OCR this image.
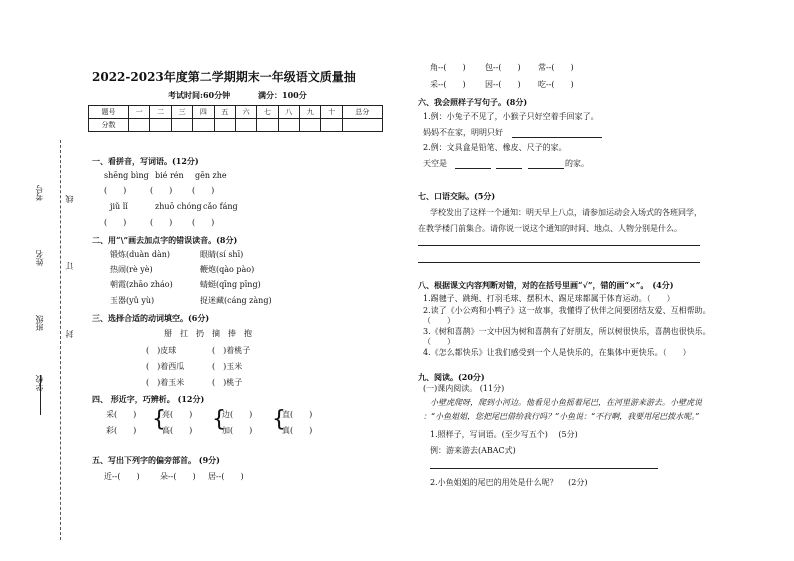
学校
班级
姓名
考号	线
订
封
2022-2023年度第二学期期末一年级语文质量抽
考试时间:60分钟	满分：100分
题号	一	二	三	四	五	六	七	八	九	十	总分
分数											
一、看拼音，写词语。(12分)
shēng bìng bié rén gēn zhe
(　　)	(　　) (　　)
jiǔ lǐ	zhuō chóng cǎo fáng
(　　)	(　　) (　　)
二、用“\”画去加点字的错误读音。(8分)
锻炼(duàn dàn)	眼睛(sí shī)
热闹(rè yè)	鞭炮(qào pào)
朝霞(zhāo zháo)	蜻蜓(qīng pīng)
玉器(yǔ yù)	捉迷藏(cáng zàng)
三、选择合适的动词填空。(6分)
掰　扛　扔　摘　捧　抱
(　)皮球	(　)着桃子
(　)着西瓜	(　)玉米
(　)着玉米	(　)桃子
四、 形近字，巧辨析。 (12分)
采(　　)
彩(　　) {
亮(　　)
高(　　) {
边(　　)
加(　　) {
直(　　)
真(　　)
五、写出下列字的偏旁部首。 (9分)
近--(　　)	朵--(　　) 居--(　　)
角--(　　) 包--(　　) 常--(　　)
采--(　　) 因--(　　) 吃--(　　)
六、我会照样子写句子。(8分)
1.例：小兔子不见了，小猴子只好空着手回家了。
妈妈不在家，明明只好
2.例：文具盒是铅笔、橡皮、尺子的家。
天空是	的家。
七、口语交际。(5分)
学校发出了这样一个通知：明天早上八点，请参加运动会入场式的各班同学，
在教学楼门前集合。请你说一说这个通知的时间、地点、人物分别是什么。
八、根据课文内容判断对错，对的在括号里画“√”，错的画“×”。　(4分)
1.踢毽子、跳绳、打羽毛球、摆积木、踢足球都属于体育运动。（　　）
2.读了《小公鸡和小鸭子》这一故事，我懂得了伙伴之间要团结友爱、互相帮助。
（　　）
3.《树和喜鹊》一文中因为树和喜鹊有了好朋友，所以树很快乐，喜鹊也很快乐。
（　　）
4.《怎么都快乐》让我们感受到一个人是快乐的，在集体中更快乐。（　　）
九、阅读。(20分)
(一)课内阅读。 (11分)
小壁虎爬呀，爬到小河边。他看见小鱼摇着尾巴，在河里游来游去。小壁虎说
：“小鱼姐姐，您把尾巴借给我行吗？”小鱼说：“不行啊，我要用尾巴拨水呢。”
1.照样子，写词语。(至少写五个)　 (5分)
例：游来游去(ABAC式)
2.小鱼姐姐的尾巴的用处是什么呢？　 (2分)
